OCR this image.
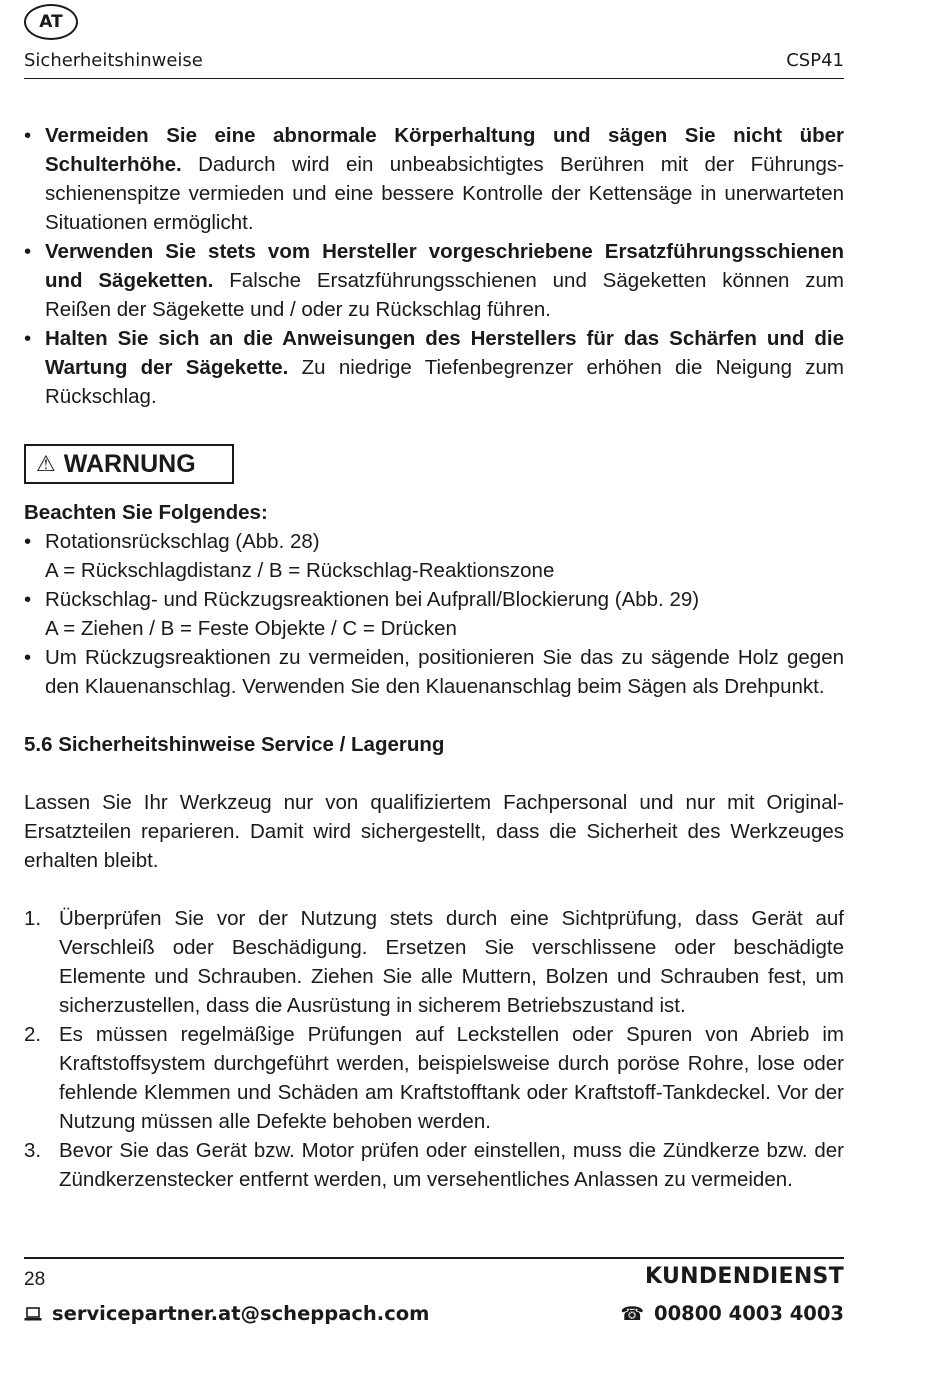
AT
Sicherheitshinweise	CSP41
• Vermeiden Sie eine abnormale Körperhaltung und sägen Sie nicht über Schulterhöhe. Dadurch wird ein unbeabsichtigtes Berühren mit der Führungsschienenspitze vermieden und eine bessere Kontrolle der Kettensäge in unerwarteten Situationen ermöglicht.
• Verwenden Sie stets vom Hersteller vorgeschriebene Ersatzführungsschienen und Sägeketten. Falsche Ersatzführungsschienen und Sägeketten können zum Reißen der Sägekette und / oder zu Rückschlag führen.
• Halten Sie sich an die Anweisungen des Herstellers für das Schärfen und die Wartung der Sägekette. Zu niedrige Tiefenbegrenzer erhöhen die Neigung zum Rückschlag.
⚠ WARNUNG
Beachten Sie Folgendes:
• Rotationsrückschlag (Abb. 28)
A = Rückschlagdistanz / B = Rückschlag-Reaktionszone
• Rückschlag- und Rückzugsreaktionen bei Aufprall/Blockierung (Abb. 29)
A = Ziehen / B = Feste Objekte / C = Drücken
• Um Rückzugsreaktionen zu vermeiden, positionieren Sie das zu sägende Holz gegen den Klauenanschlag. Verwenden Sie den Klauenanschlag beim Sägen als Drehpunkt.
5.6 Sicherheitshinweise Service / Lagerung
Lassen Sie Ihr Werkzeug nur von qualifiziertem Fachpersonal und nur mit Original-Ersatzteilen reparieren. Damit wird sichergestellt, dass die Sicherheit des Werkzeuges erhalten bleibt.
1. Überprüfen Sie vor der Nutzung stets durch eine Sichtprüfung, dass Gerät auf Verschleiß oder Beschädigung. Ersetzen Sie verschlissene oder beschädigte Elemente und Schrauben. Ziehen Sie alle Muttern, Bolzen und Schrauben fest, um sicherzustellen, dass die Ausrüstung in sicherem Betriebszustand ist.
2. Es müssen regelmäßige Prüfungen auf Leckstellen oder Spuren von Abrieb im Kraftstoffsystem durchgeführt werden, beispielsweise durch poröse Rohre, lose oder fehlende Klemmen und Schäden am Kraftstofftank oder Kraftstoff-Tankdeckel. Vor der Nutzung müssen alle Defekte behoben werden.
3. Bevor Sie das Gerät bzw. Motor prüfen oder einstellen, muss die Zündkerze bzw. der Zündkerzenstecker entfernt werden, um versehentliches Anlassen zu vermeiden.
28	KUNDENDIENST
servicepartner.at@scheppach.com	☎ 00800 4003 4003
